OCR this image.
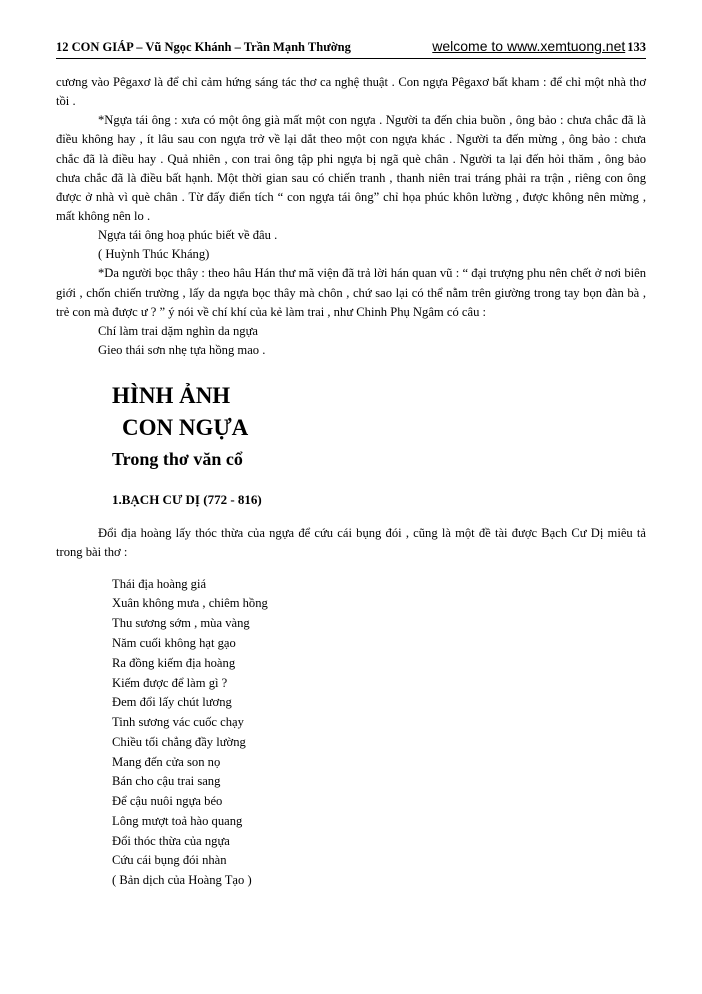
12 CON GIÁP – Vũ Ngọc Khánh – Trần Mạnh Thường	welcome to www.xemtuong.net 133

cương vào Pêgaxơ là để chỉ cảm hứng sáng tác thơ ca nghệ thuật . Con ngựa Pêgaxơ bất kham : để chỉ một nhà thơ tồi .

*Ngựa tái ông : xưa có một ông già mất một con ngựa . Người ta đến chia buồn , ông bảo : chưa chắc đã là điều không hay , ít lâu sau con ngựa trở về lại dắt theo một con ngựa khác . Người ta đến mừng , ông bảo : chưa chắc đã là điều hay . Quả nhiên , con trai ông tập phi ngựa bị ngã què chân . Người ta lại đến hỏi thăm , ông bảo chưa chắc đã là điều bất hạnh. Một thời gian sau có chiến tranh , thanh niên trai tráng phải ra trận , riêng con ông được ở nhà vì què chân . Từ đấy điển tích “ con ngựa tái ông” chỉ họa phúc khôn lường , được không nên mừng , mất không nên lo .

Ngựa tái ông hoạ phúc biết về đâu .

( Huỳnh Thúc Kháng)

*Da người bọc thây : theo hâu Hán thư mã viện đã trả lời hán quan vũ : “ đại trượng phu nên chết ở nơi biên giới , chốn chiến trường , lấy da ngựa bọc thây mà chôn , chứ sao lại có thể nằm trên giường trong tay bọn đàn bà , trẻ con mà được ư ? ” ý nói về chí khí của kẻ làm trai , như Chinh Phụ Ngâm có câu :

Chí làm trai dặm nghìn da ngựa

Gieo thái sơn nhẹ tựa hồng mao .

HÌNH ẢNH
CON NGỰA
Trong thơ văn cổ
1.BẠCH CƯ DỊ (772 - 816)

Đổi địa hoàng lấy thóc thừa của ngựa để cứu cái bụng đói , cũng là một đề tài được Bạch Cư Dị miêu tả trong bài thơ :

Thái địa hoàng giá
Xuân không mưa , chiêm hồng
Thu sương sớm , mùa vàng
Năm cuối không hạt gạo
Ra đồng kiếm địa hoàng
Kiếm được để làm gì ?
Đem đổi lấy chút lương
Tinh sương vác cuốc chạy
Chiều tối chẳng đầy lường
Mang đến cửa son nọ
Bán cho cậu trai sang
Để cậu nuôi ngựa béo
Lông mượt toả hào quang
Đổi thóc thừa của ngựa
Cứu cái bụng đói nhàn
( Bản dịch của Hoàng Tạo )
